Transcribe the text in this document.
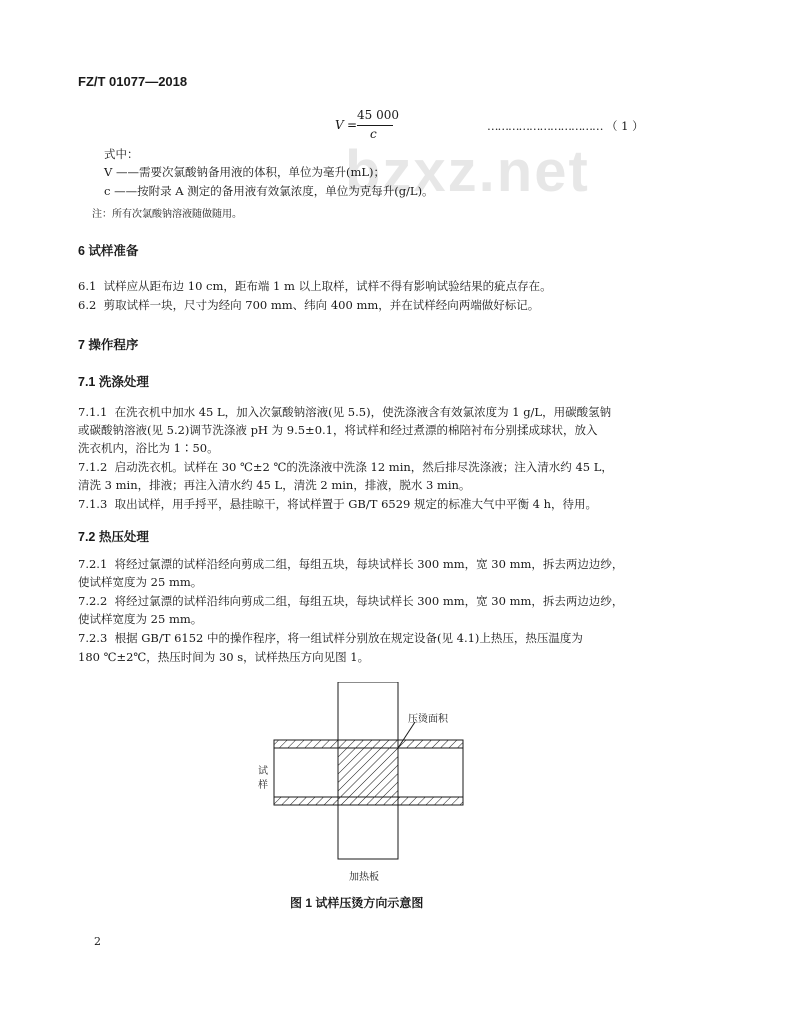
FZ/T 01077—2018
bzxz.net
V =
45 000
c
…………………………… （ 1 ）
式中：
V ——需要次氯酸钠备用液的体积，单位为毫升(mL)；
c ——按附录 A 测定的备用液有效氯浓度，单位为克每升(g/L)。
注：所有次氯酸钠溶液随做随用。
6 试样准备
6.1 试样应从距布边 10 cm，距布端 1 m 以上取样，试样不得有影响试验结果的疵点存在。
6.2 剪取试样一块，尺寸为经向 700 mm、纬向 400 mm，并在试样经向两端做好标记。
7 操作程序
7.1 洗涤处理
7.1.1 在洗衣机中加水 45 L，加入次氯酸钠溶液(见 5.5)，使洗涤液含有效氯浓度为 1 g/L，用碳酸氢钠
或碳酸钠溶液(见 5.2)调节洗涤液 pH 为 9.5±0.1，将试样和经过煮漂的棉陪衬布分别揉成球状，放入
洗衣机内，浴比为 1∶50。
7.1.2 启动洗衣机。试样在 30 ℃±2 ℃的洗涤液中洗涤 12 min，然后排尽洗涤液；注入清水约 45 L，
清洗 3 min，排液；再注入清水约 45 L，清洗 2 min，排液，脱水 3 min。
7.1.3 取出试样，用手捋平，悬挂晾干，将试样置于 GB/T 6529 规定的标准大气中平衡 4 h，待用。
7.2 热压处理
7.2.1 将经过氯漂的试样沿经向剪成二组，每组五块，每块试样长 300 mm，宽 30 mm，拆去两边边纱，
使试样宽度为 25 mm。
7.2.2 将经过氯漂的试样沿纬向剪成二组，每组五块，每块试样长 300 mm，宽 30 mm，拆去两边边纱，
使试样宽度为 25 mm。
7.2.3 根据 GB/T 6152 中的操作程序，将一组试样分别放在规定设备(见 4.1)上热压，热压温度为
180 ℃±2℃，热压时间为 30 s，试样热压方向见图 1。
压烫面积
试样
加热板
图 1 试样压烫方向示意图
2
